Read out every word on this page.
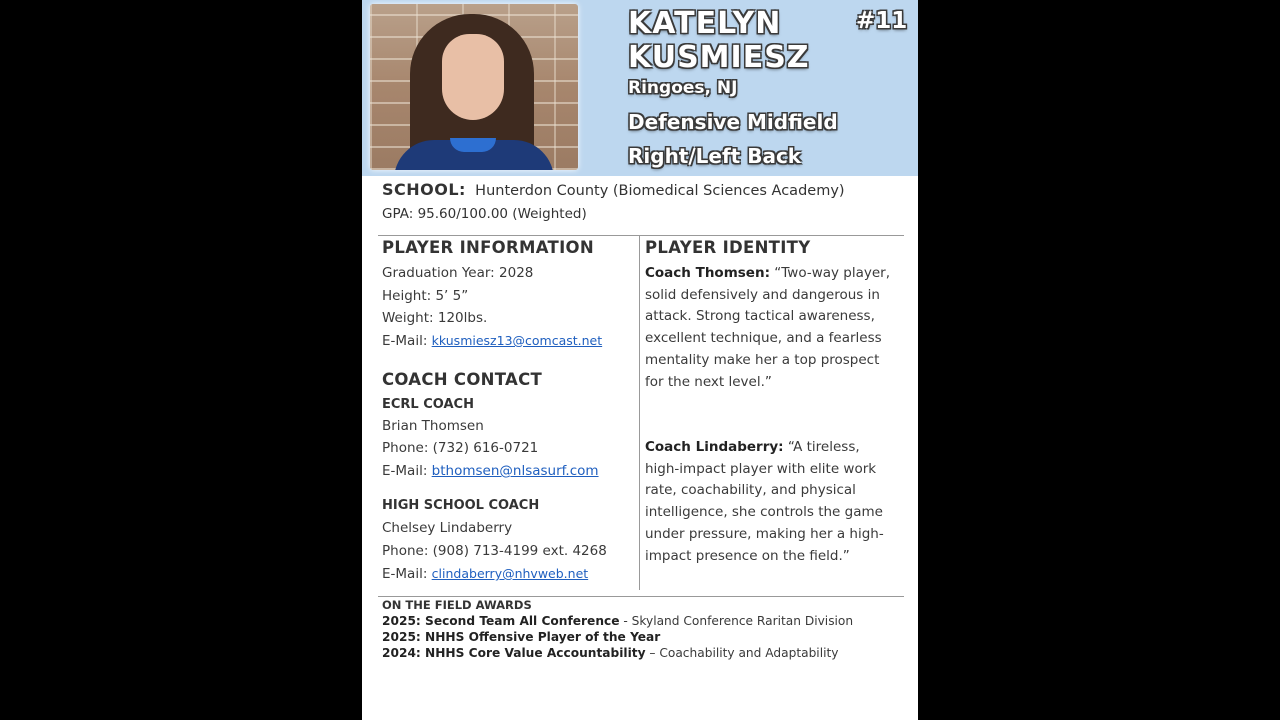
KATELYN
KUSMIESZ
#11
Ringoes, NJ
Defensive Midfield
Right/Left Back
SCHOOL: Hunterdon County (Biomedical Sciences Academy)
GPA: 95.60/100.00 (Weighted)
PLAYER INFORMATION
Graduation Year: 2028
Height: 5’ 5”
Weight: 120lbs.
E-Mail: kkusmiesz13@comcast.net
COACH CONTACT
ECRL COACH
Brian Thomsen
Phone: (732) 616-0721
E-Mail: bthomsen@nlsasurf.com
HIGH SCHOOL COACH
Chelsey Lindaberry
Phone: (908) 713-4199 ext. 4268
E-Mail: clindaberry@nhvweb.net
PLAYER IDENTITY
Coach Thomsen: “Two-way player, solid defensively and dangerous in attack. Strong tactical awareness, excellent technique, and a fearless mentality make her a top prospect for the next level.”
Coach Lindaberry: “A tireless, high-impact player with elite work rate, coachability, and physical intelligence, she controls the game under pressure, making her a high-impact presence on the field.”
ON THE FIELD AWARDS
2025: Second Team All Conference - Skyland Conference Raritan Division
2025: NHHS Offensive Player of the Year
2024: NHHS Core Value Accountability – Coachability and Adaptability
